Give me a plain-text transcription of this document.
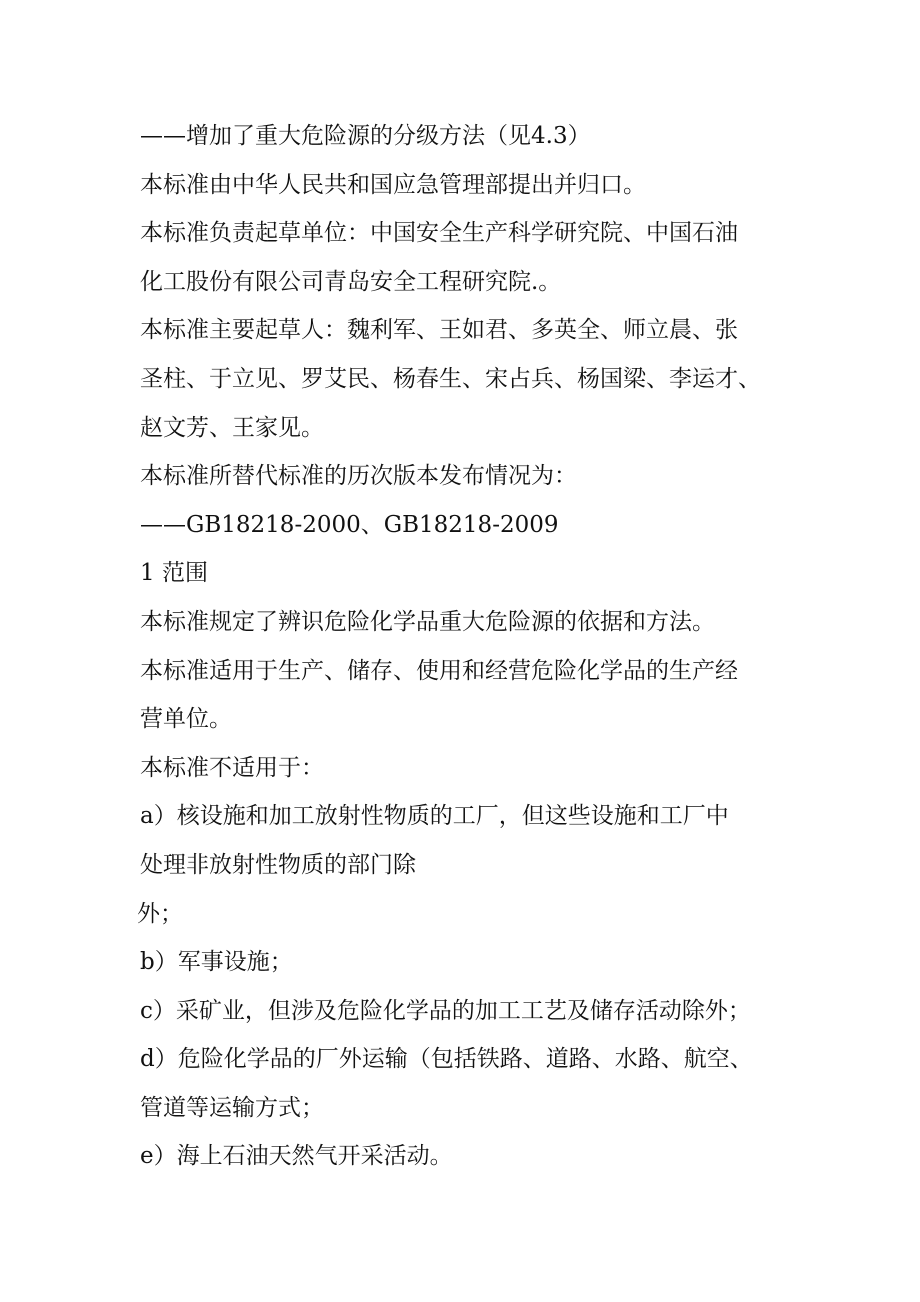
——增加了重大危险源的分级方法（见4.3）
本标准由中华人民共和国应急管理部提出并归口。
本标准负责起草单位：中国安全生产科学研究院、中国石油
化工股份有限公司青岛安全工程研究院.。
本标准主要起草人：魏利军、王如君、多英全、师立晨、张
圣柱、于立见、罗艾民、杨春生、宋占兵、杨国梁、李运才、
赵文芳、王家见。
本标准所替代标准的历次版本发布情况为：
——GB18218-2000、GB18218-2009
1 范围
本标准规定了辨识危险化学品重大危险源的依据和方法。
本标准适用于生产、储存、使用和经营危险化学品的生产经
营单位。
本标准不适用于：
a）核设施和加工放射性物质的工厂，但这些设施和工厂中
处理非放射性物质的部门除
外；
b）军事设施；
c）采矿业，但涉及危险化学品的加工工艺及储存活动除外；
d）危险化学品的厂外运输（包括铁路、道路、水路、航空、
管道等运输方式；
e）海上石油天然气开采活动。
